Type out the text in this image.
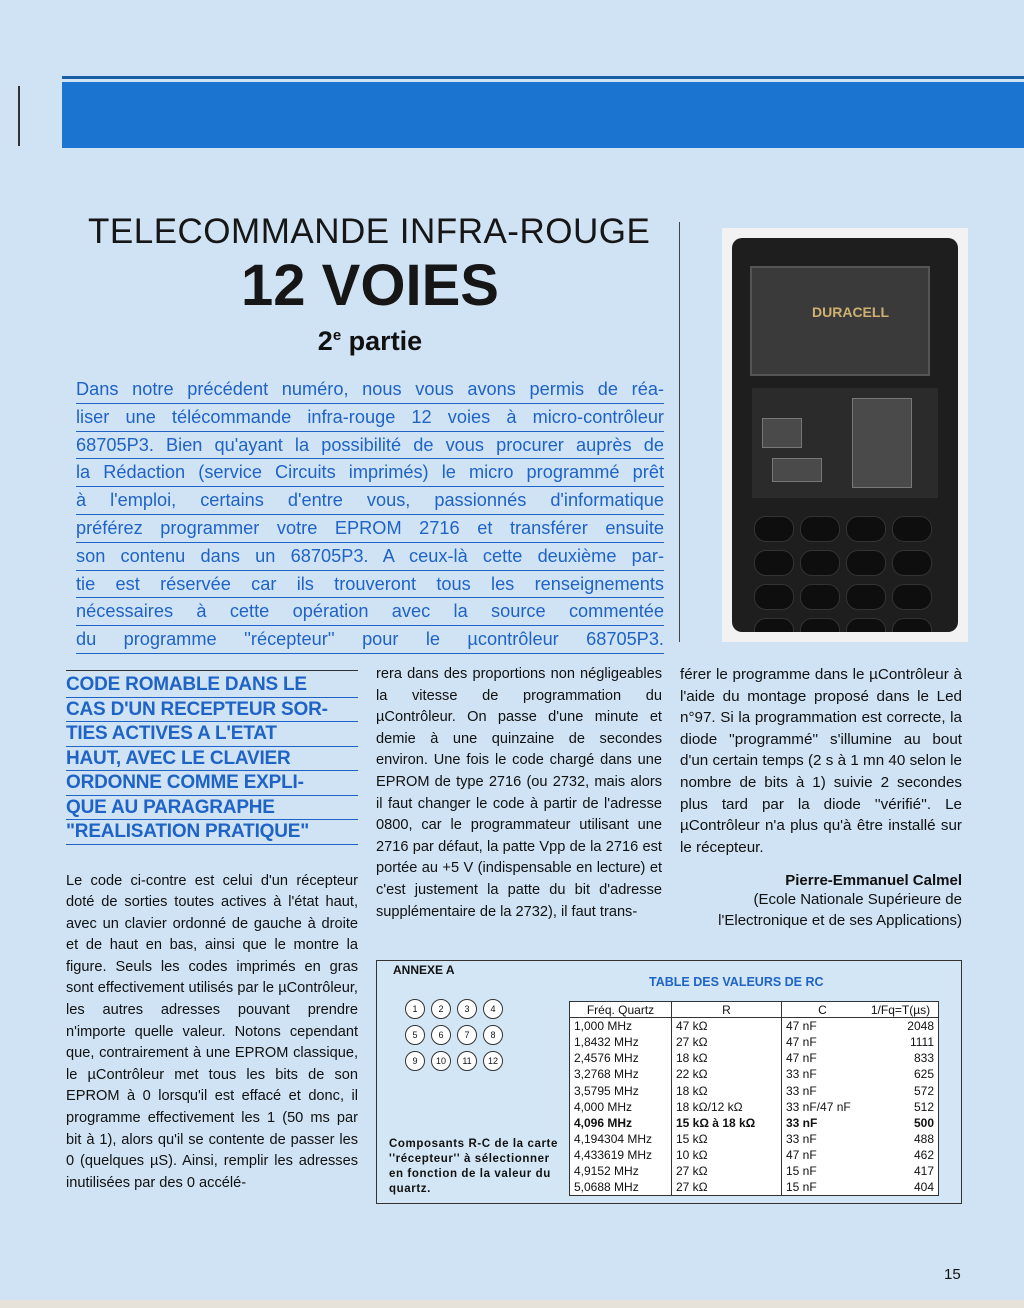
TELECOMMANDE INFRA-ROUGE
12 VOIES
2e partie
Dans notre précédent numéro, nous vous avons permis de réa-
liser une télécommande infra-rouge 12 voies à micro-contrôleur
68705P3. Bien qu'ayant la possibilité de vous procurer auprès de
la Rédaction (service Circuits imprimés) le micro programmé prêt
à l'emploi, certains d'entre vous, passionnés d'informatique
préférez programmer votre EPROM 2716 et transférer ensuite
son contenu dans un 68705P3. A ceux-là cette deuxième par-
tie est réservée car ils trouveront tous les renseignements
nécessaires à cette opération avec la source commentée
du programme ''récepteur'' pour le µcontrôleur 68705P3.
DURACELL
CODE ROMABLE DANS LE
CAS D'UN RECEPTEUR SOR-
TIES ACTIVES A L'ETAT
HAUT, AVEC LE CLAVIER
ORDONNE COMME EXPLI-
QUE AU PARAGRAPHE
"REALISATION PRATIQUE"

Le code ci-contre est celui d'un récepteur doté de sorties toutes actives à l'état haut, avec un clavier ordonné de gauche à droite et de haut en bas, ainsi que le montre la figure. Seuls les codes imprimés en gras sont effectivement utilisés par le µContrôleur, les autres adresses pouvant prendre n'importe quelle valeur. Notons cependant que, contrairement à une EPROM classique, le µContrôleur met tous les bits de son EPROM à 0 lorsqu'il est effacé et donc, il programme effectivement les 1 (50 ms par bit à 1), alors qu'il se contente de passer les 0 (quelques µS). Ainsi, remplir les adresses inutilisées par des 0 accélé-

rera dans des proportions non négligeables la vitesse de programmation du µContrôleur. On passe d'une minute et demie à une quinzaine de secondes environ. Une fois le code chargé dans une EPROM de type 2716 (ou 2732, mais alors il faut changer le code à partir de l'adresse 0800, car le programmateur utilisant une 2716 par défaut, la patte Vpp de la 2716 est portée au +5 V (indispensable en lecture) et c'est justement la patte du bit d'adresse supplémentaire de la 2732), il faut trans-

férer le programme dans le µContrôleur à l'aide du montage proposé dans le Led n°97. Si la programmation est correcte, la diode ''programmé'' s'illumine au bout d'un certain temps (2 s à 1 mn 40 selon le nombre de bits à 1) suivie 2 secondes plus tard par la diode ''vérifié''. Le µContrôleur n'a plus qu'à être installé sur le récepteur.

Pierre-Emmanuel Calmel

(Ecole Nationale Supérieure de

l'Electronique et de ses Applications)

ANNEXE A
TABLE DES VALEURS DE RC
1	2	3	4
5	6	7	8
9	10	11	12
Composants R-C de la carte ''récepteur'' à sélectionner en fonction de la valeur du quartz.
Fréq. Quartz	R	C	1/Fq=T(µs)
1,000 MHz	47 kΩ	47 nF	2048
1,8432 MHz	27 kΩ	47 nF	1111
2,4576 MHz	18 kΩ	47 nF	833
3,2768 MHz	22 kΩ	33 nF	625
3,5795 MHz	18 kΩ	33 nF	572
4,000 MHz	18 kΩ/12 kΩ	33 nF/47 nF	512
4,096 MHz	15 kΩ à 18 kΩ	33 nF	500
4,194304 MHz	15 kΩ	33 nF	488
4,433619 MHz	10 kΩ	47 nF	462
4,9152 MHz	27 kΩ	15 nF	417
5,0688 MHz	27 kΩ	15 nF	404
15
